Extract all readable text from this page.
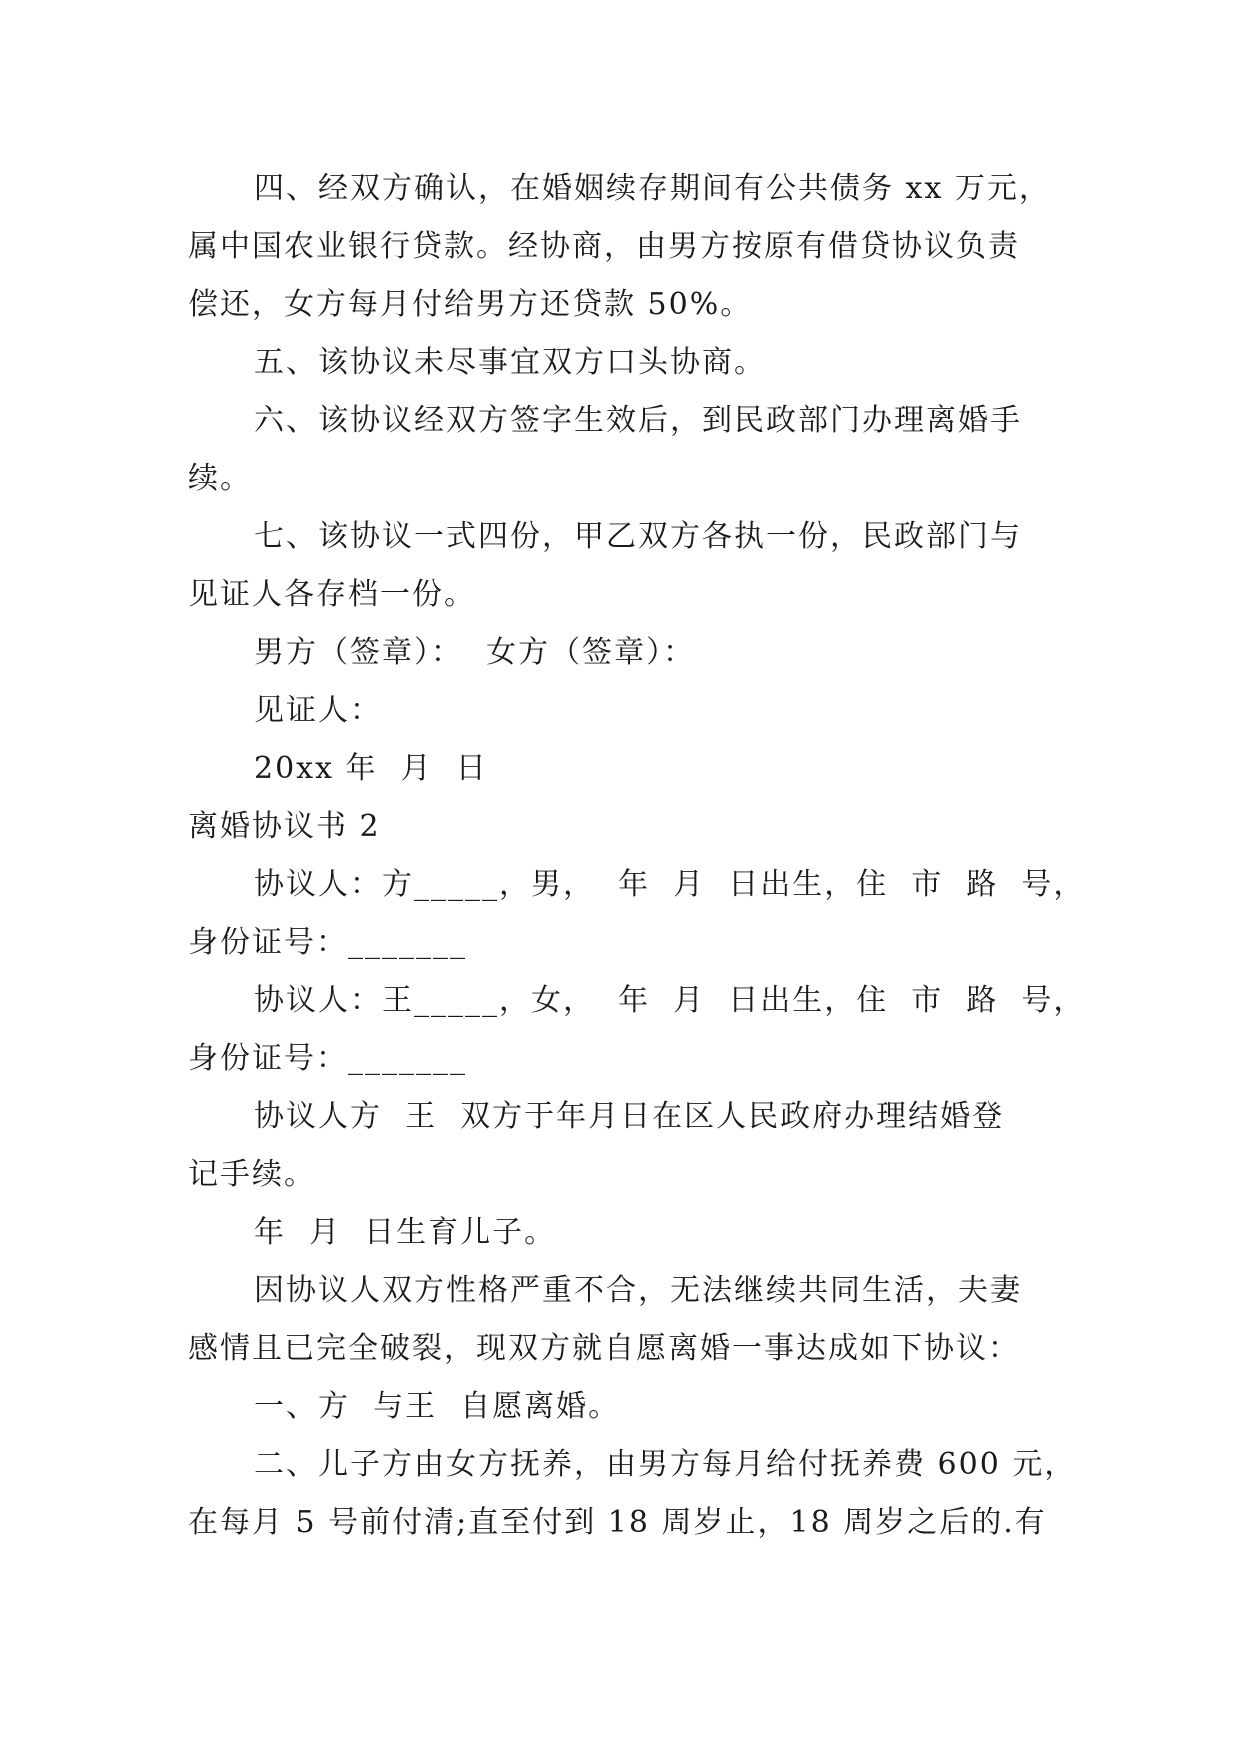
四、经双方确认，在婚姻续存期间有公共债务 xx 万元，
属中国农业银行贷款。经协商，由男方按原有借贷协议负责
偿还，女方每月付给男方还贷款 50%。
五、该协议未尽事宜双方口头协商。
六、该协议经双方签字生效后，到民政部门办理离婚手
续。
七、该协议一式四份，甲乙双方各执一份，民政部门与
见证人各存档一份。
男方（签章）：  女方（签章）：
见证人：
20xx 年  月  日
离婚协议书 2
协议人：方_____，男，  年  月  日出生，住  市  路  号，
身份证号：_______
协议人：王_____，女，  年  月  日出生，住  市  路  号，
身份证号：_______
协议人方  王  双方于年月日在区人民政府办理结婚登
记手续。
年  月  日生育儿子。
因协议人双方性格严重不合，无法继续共同生活，夫妻
感情且已完全破裂，现双方就自愿离婚一事达成如下协议：
一、方  与王  自愿离婚。
二、儿子方由女方抚养，由男方每月给付抚养费 600 元，
在每月 5 号前付清;直至付到 18 周岁止，18 周岁之后的.有
